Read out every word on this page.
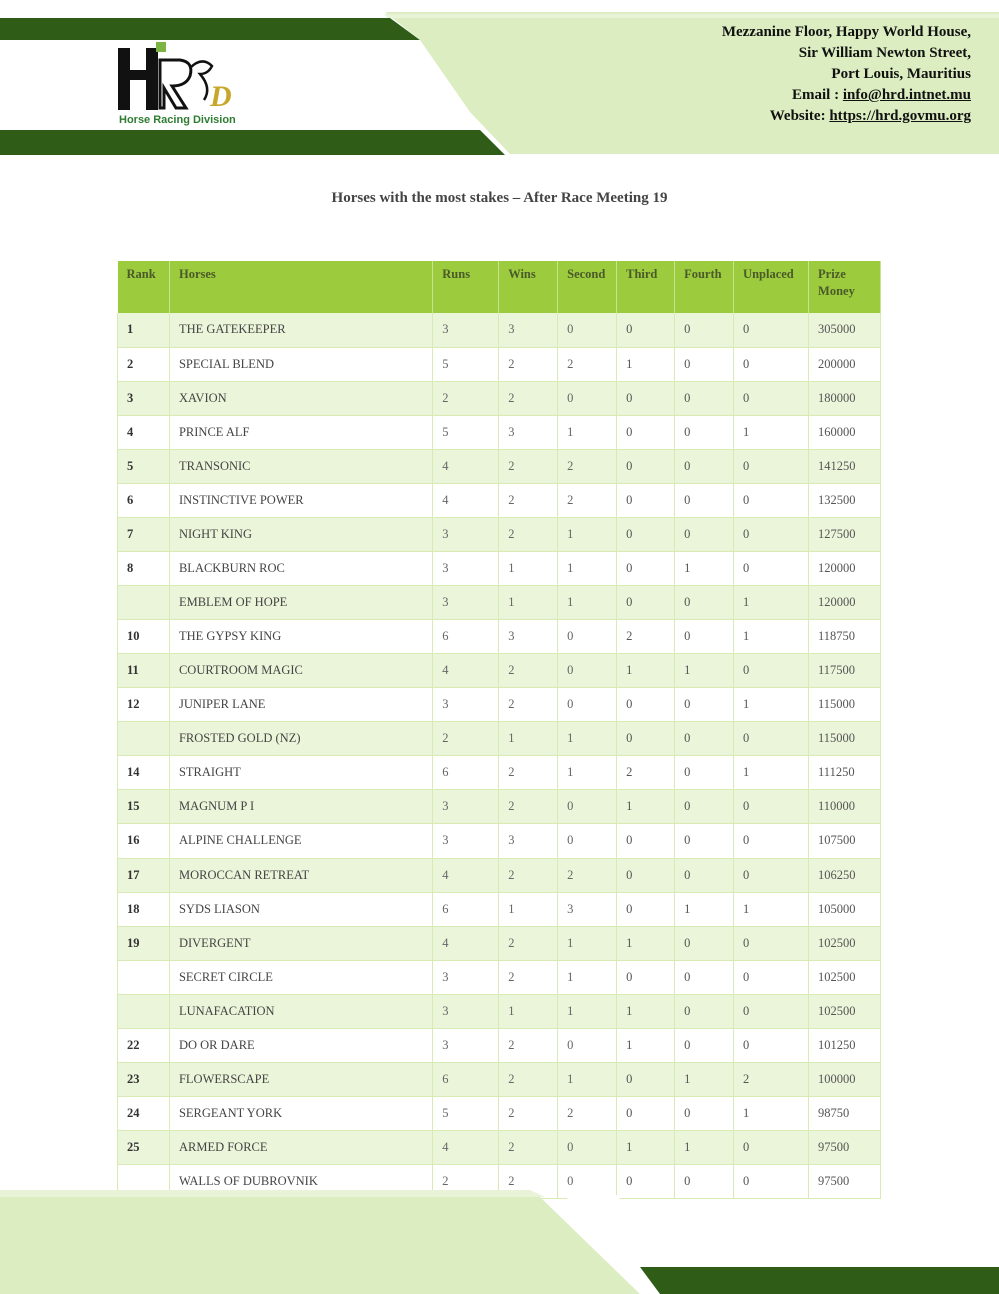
D
Horse Racing Division
Mezzanine Floor, Happy World House,
Sir William Newton Street,
Port Louis, Mauritius
Email : info@hrd.intnet.mu
Website: https://hrd.govmu.org
Horses with the most stakes – After Race Meeting 19
Rank	Horses	Runs	Wins	Second	Third	Fourth	Unplaced	Prize Money
1	THE GATEKEEPER	3	3	0	0	0	0	305000
2	SPECIAL BLEND	5	2	2	1	0	0	200000
3	XAVION	2	2	0	0	0	0	180000
4	PRINCE ALF	5	3	1	0	0	1	160000
5	TRANSONIC	4	2	2	0	0	0	141250
6	INSTINCTIVE POWER	4	2	2	0	0	0	132500
7	NIGHT KING	3	2	1	0	0	0	127500
8	BLACKBURN ROC	3	1	1	0	1	0	120000
	EMBLEM OF HOPE	3	1	1	0	0	1	120000
10	THE GYPSY KING	6	3	0	2	0	1	118750
11	COURTROOM MAGIC	4	2	0	1	1	0	117500
12	JUNIPER LANE	3	2	0	0	0	1	115000
	FROSTED GOLD (NZ)	2	1	1	0	0	0	115000
14	STRAIGHT	6	2	1	2	0	1	111250
15	MAGNUM P I	3	2	0	1	0	0	110000
16	ALPINE CHALLENGE	3	3	0	0	0	0	107500
17	MOROCCAN RETREAT	4	2	2	0	0	0	106250
18	SYDS LIASON	6	1	3	0	1	1	105000
19	DIVERGENT	4	2	1	1	0	0	102500
	SECRET CIRCLE	3	2	1	0	0	0	102500
	LUNAFACATION	3	1	1	1	0	0	102500
22	DO OR DARE	3	2	0	1	0	0	101250
23	FLOWERSCAPE	6	2	1	0	1	2	100000
24	SERGEANT YORK	5	2	2	0	0	1	98750
25	ARMED FORCE	4	2	0	1	1	0	97500
	WALLS OF DUBROVNIK	2	2	0	0	0	0	97500
